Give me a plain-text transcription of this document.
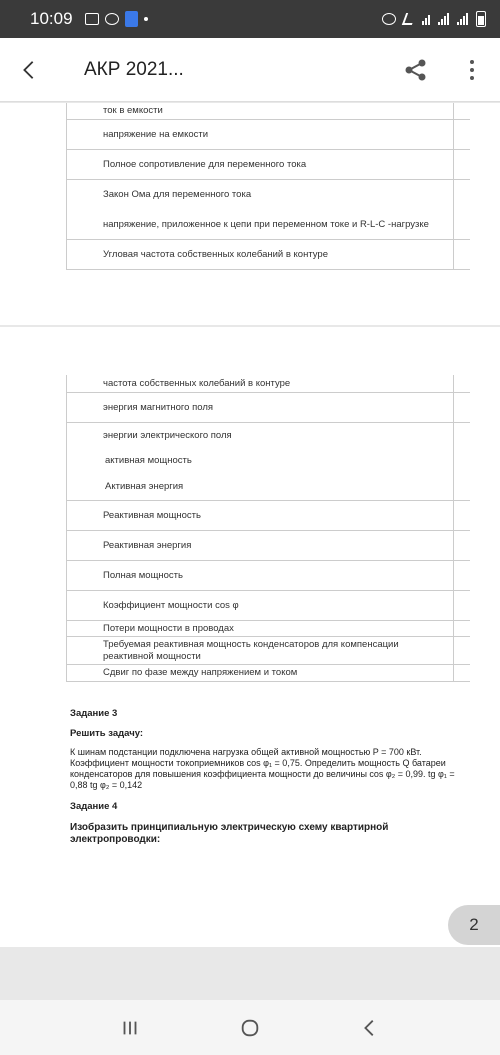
10:09
АКР 2021...
ток в емкости
напряжение на емкости
Полное сопротивление для переменного тока
Закон Ома для переменного тока
напряжение, приложенное к цепи при переменном токе и R-L-C -нагрузке
Угловая частота собственных колебаний в контуре
частота собственных колебаний в контуре
энергия магнитного поля
энергии электрического поля
активная мощность
Активная энергия
Реактивная мощность
Реактивная энергия
Полная мощность
Коэффициент мощности cos φ
Потери мощности в проводах
Требуемая реактивная мощность конденсаторов для компенсации реактивной мощности
Сдвиг по фазе между напряжением и током
Задание 3
Решить задачу:
К шинам подстанции подключена нагрузка общей активной мощностью P = 700 кВт. Коэффициент мощности токоприемников cos φ₁ = 0,75. Определить мощность Q батареи конденсаторов для повышения коэффициента мощности до величины cos φ₂ = 0,99. tg φ₁ = 0,88 tg φ₂ = 0,142
Задание 4
Изобразить принципиальную электрическую схему квартирной электропроводки:
2
